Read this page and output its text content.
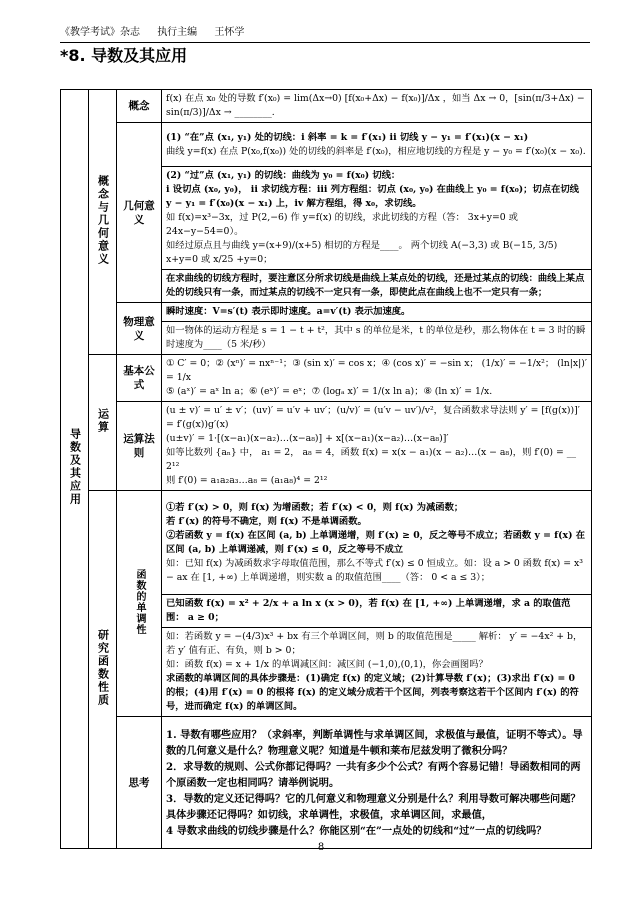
《教学考试》杂志 执行主编 王怀学
*8. 导数及其应用
导数及其应用	概念与几何意义	概念	f(x) 在点 x₀ 处的导数 f′(x₀) = lim(Δx→0) [f(x₀+Δx) − f(x₀)]/Δx ，如当 Δx → 0，[sin(π/3+Δx) − sin(π/3)]/Δx → ________.
		几何意义	(1) “在”点 (x₁, y₁) 处的切线：i 斜率 = k = f′(x₁) ii 切线 y − y₁ = f′(x₁)(x − x₁)

曲线 y=f(x) 在点 P(x₀,f(x₀)) 处的切线的斜率是 f′(x₀)，相应地切线的方程是 y − y₀ = f′(x₀)(x − x₀).

			(2) “过”点 (x₁, y₁) 的切线：曲线为 y₀ = f(x₀) 切线：

i 设切点 (x₀, y₀)， ii 求切线方程：iii 列方程组：切点 (x₀, y₀) 在曲线上 y₀ = f(x₀)；切点在切线 y − y₁ = f′(x₀)(x − x₁) 上，iv 解方程组，得 x₀，求切线。

如 f(x)=x³−3x，过 P(2,−6) 作 y=f(x) 的切线，求此切线的方程（答： 3x+y=0 或 24x−y−54=0）。

如经过原点且与曲线 y=(x+9)/(x+5) 相切的方程是____。 两个切线 A(−3,3) 或 B(−15, 3/5) x+y=0 或 x/25 +y=0；

			在求曲线的切线方程时，要注意区分所求切线是曲线上某点处的切线，还是过某点的切线：曲线上某点处的切线只有一条，而过某点的切线不一定只有一条，即使此点在曲线上也不一定只有一条；
		物理意义	瞬时速度：V=s′(t) 表示即时速度。a=v′(t) 表示加速度。
			如一物体的运动方程是 s = 1 − t + t²，其中 s 的单位是米，t 的单位是秒，那么物体在 t = 3 时的瞬时速度为____（5 米/秒）
	运算	基本公式	① C′ = 0；② (xⁿ)′ = nxⁿ⁻¹；③ (sin x)′ = cos x；④ (cos x)′ = −sin x； (1/x)′ = −1/x²； (ln|x|)′ = 1/x

⑤ (aˣ)′ = aˣ ln a；⑥ (eˣ)′ = eˣ；⑦ (logₐ x)′ = 1/(x ln a)；⑧ (ln x)′ = 1/x.

		运算法则	(u ± v)′ = u′ ± v′；(uv)′ = u′v + uv′；(u/v)′ = (u′v − uv′)/v²，复合函数求导法则 y′ = [f(g(x))]′ = f′(g(x))g′(x)

(u±v)′ = 1·[(x−a₁)(x−a₂)…(x−a₈)] + x[(x−a₁)(x−a₂)…(x−a₈)]′

如等比数列 {aₙ} 中， a₁ = 2， a₈ = 4，函数 f(x) = x(x − a₁)(x − a₂)…(x − a₈)，则 f′(0) = __ 2¹²

则 f′(0) = a₁a₂a₃…a₈ = (a₁a₈)⁴ = 2¹²

	研究函数性质	函数的单调性	①若 f′(x) > 0，则 f(x) 为增函数；若 f′(x) < 0，则 f(x) 为减函数；

若 f′(x) 的符号不确定，则 f(x) 不是单调函数。

②若函数 y = f(x) 在区间 (a, b) 上单调递增，则 f′(x) ≥ 0，反之等号不成立；若函数 y = f(x) 在区间 (a, b) 上单调递减，则 f′(x) ≤ 0，反之等号不成立

如：已知 f(x) 为减函数求字母取值范围，那么不等式 f′(x) ≤ 0 恒成立。如：设 a > 0 函数 f(x) = x³ − ax 在 [1, +∞) 上单调递增，则实数 a 的取值范围____（答： 0 < a ≤ 3）；

			已知函数 f(x) = x² + 2/x + a ln x (x > 0)，若 f(x) 在 [1, +∞) 上单调递增，求 a 的取值范围： a ≥ 0；

			如：若函数 y = −(4/3)x³ + bx 有三个单调区间，则 b 的取值范围是_____ 解析： y′ = −4x² + b，若 y′ 值有正、有负，则 b > 0；

如：函数 f(x) = x + 1/x 的单调减区间：减区间 (−1,0),(0,1)，你会画图吗？

求函数的单调区间的具体步骤是：(1)确定 f(x) 的定义域；(2)计算导数 f′(x)；(3)求出 f′(x) = 0 的根；(4)用 f′(x) = 0 的根将 f(x) 的定义域分成若干个区间，列表考察这若干个区间内 f′(x) 的符号，进而确定 f(x) 的单调区间。

		思考	1. 导数有哪些应用？（求斜率，判断单调性与求单调区间，求极值与最值，证明不等式）。导数的几何意义是什么？物理意义呢？知道是牛顿和莱布尼兹发明了微积分吗？

2．求导数的规则、公式你都记得吗？一共有多少个公式？有两个容易记错！导函数相同的两个原函数一定也相同吗？请举例说明。

3．导数的定义还记得吗？它的几何意义和物理意义分别是什么？利用导数可解决哪些问题？具体步骤还记得吗？如切线，求单调性，求极值，求单调区间，求最值，

4 导数求曲线的切线步骤是什么？你能区别“在”一点处的切线和“过”一点的切线吗？

8
